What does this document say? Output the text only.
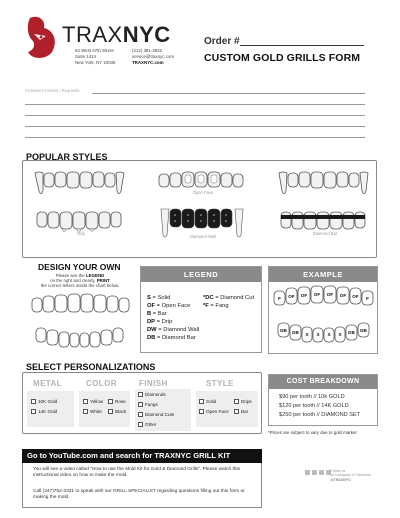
TRAXNYC
62 West 47th Street
Suite 1414
New York, NY 10036
(212) 381-3832
service@traxnyc.com
TRAXNYC.com
Order #
CUSTOM GOLD GRILLS FORM
Customer's Notes / Requests:
POPULAR STYLES
Open Face
Drip
Diamond Wall
Diamond Bar
DESIGN YOUR OWN
Please see the LEGEND
on the right and clearly, PRINT
the correct letters inside the chart below.
LEGEND
S = Solid	*DC = Diamond Cut
OF = Open Face *F = Fang
B = Bar
DP = Drip
DW = Diamond Wall
DB = Diamond Bar
EXAMPLE
F OF OF OF OF OF OF F
DB DB S S S S DB DB
SELECT PERSONALIZATIONS
METAL
10K Gold
14K Gold
COLOR
Yellow	Rose
White	Black
FINISH
Diamonds
Fangs
Diamond Cuts
Other
STYLE
Solid	Drips
Open Face	Bar
COST BREAKDOWN
$90 per tooth // 10k GOLD
$120 per tooth // 14K GOLD
$250 per tooth // DIAMOND SET
*Prices are subject to vary due to gold market
Go to YouTube.com and search for TRAXNYC GRILL KIT
You will see a video called "How to use the Mold Kit for Gold & Diamond Grills". Please watch this instructional video on how to make the mold.
Call (347)752-3331 to speak with our GRILL SPECIALIST regarding questions filling out this form or making the mold.
Follow us
on Instagram & Facebook
@TRAXNYC
